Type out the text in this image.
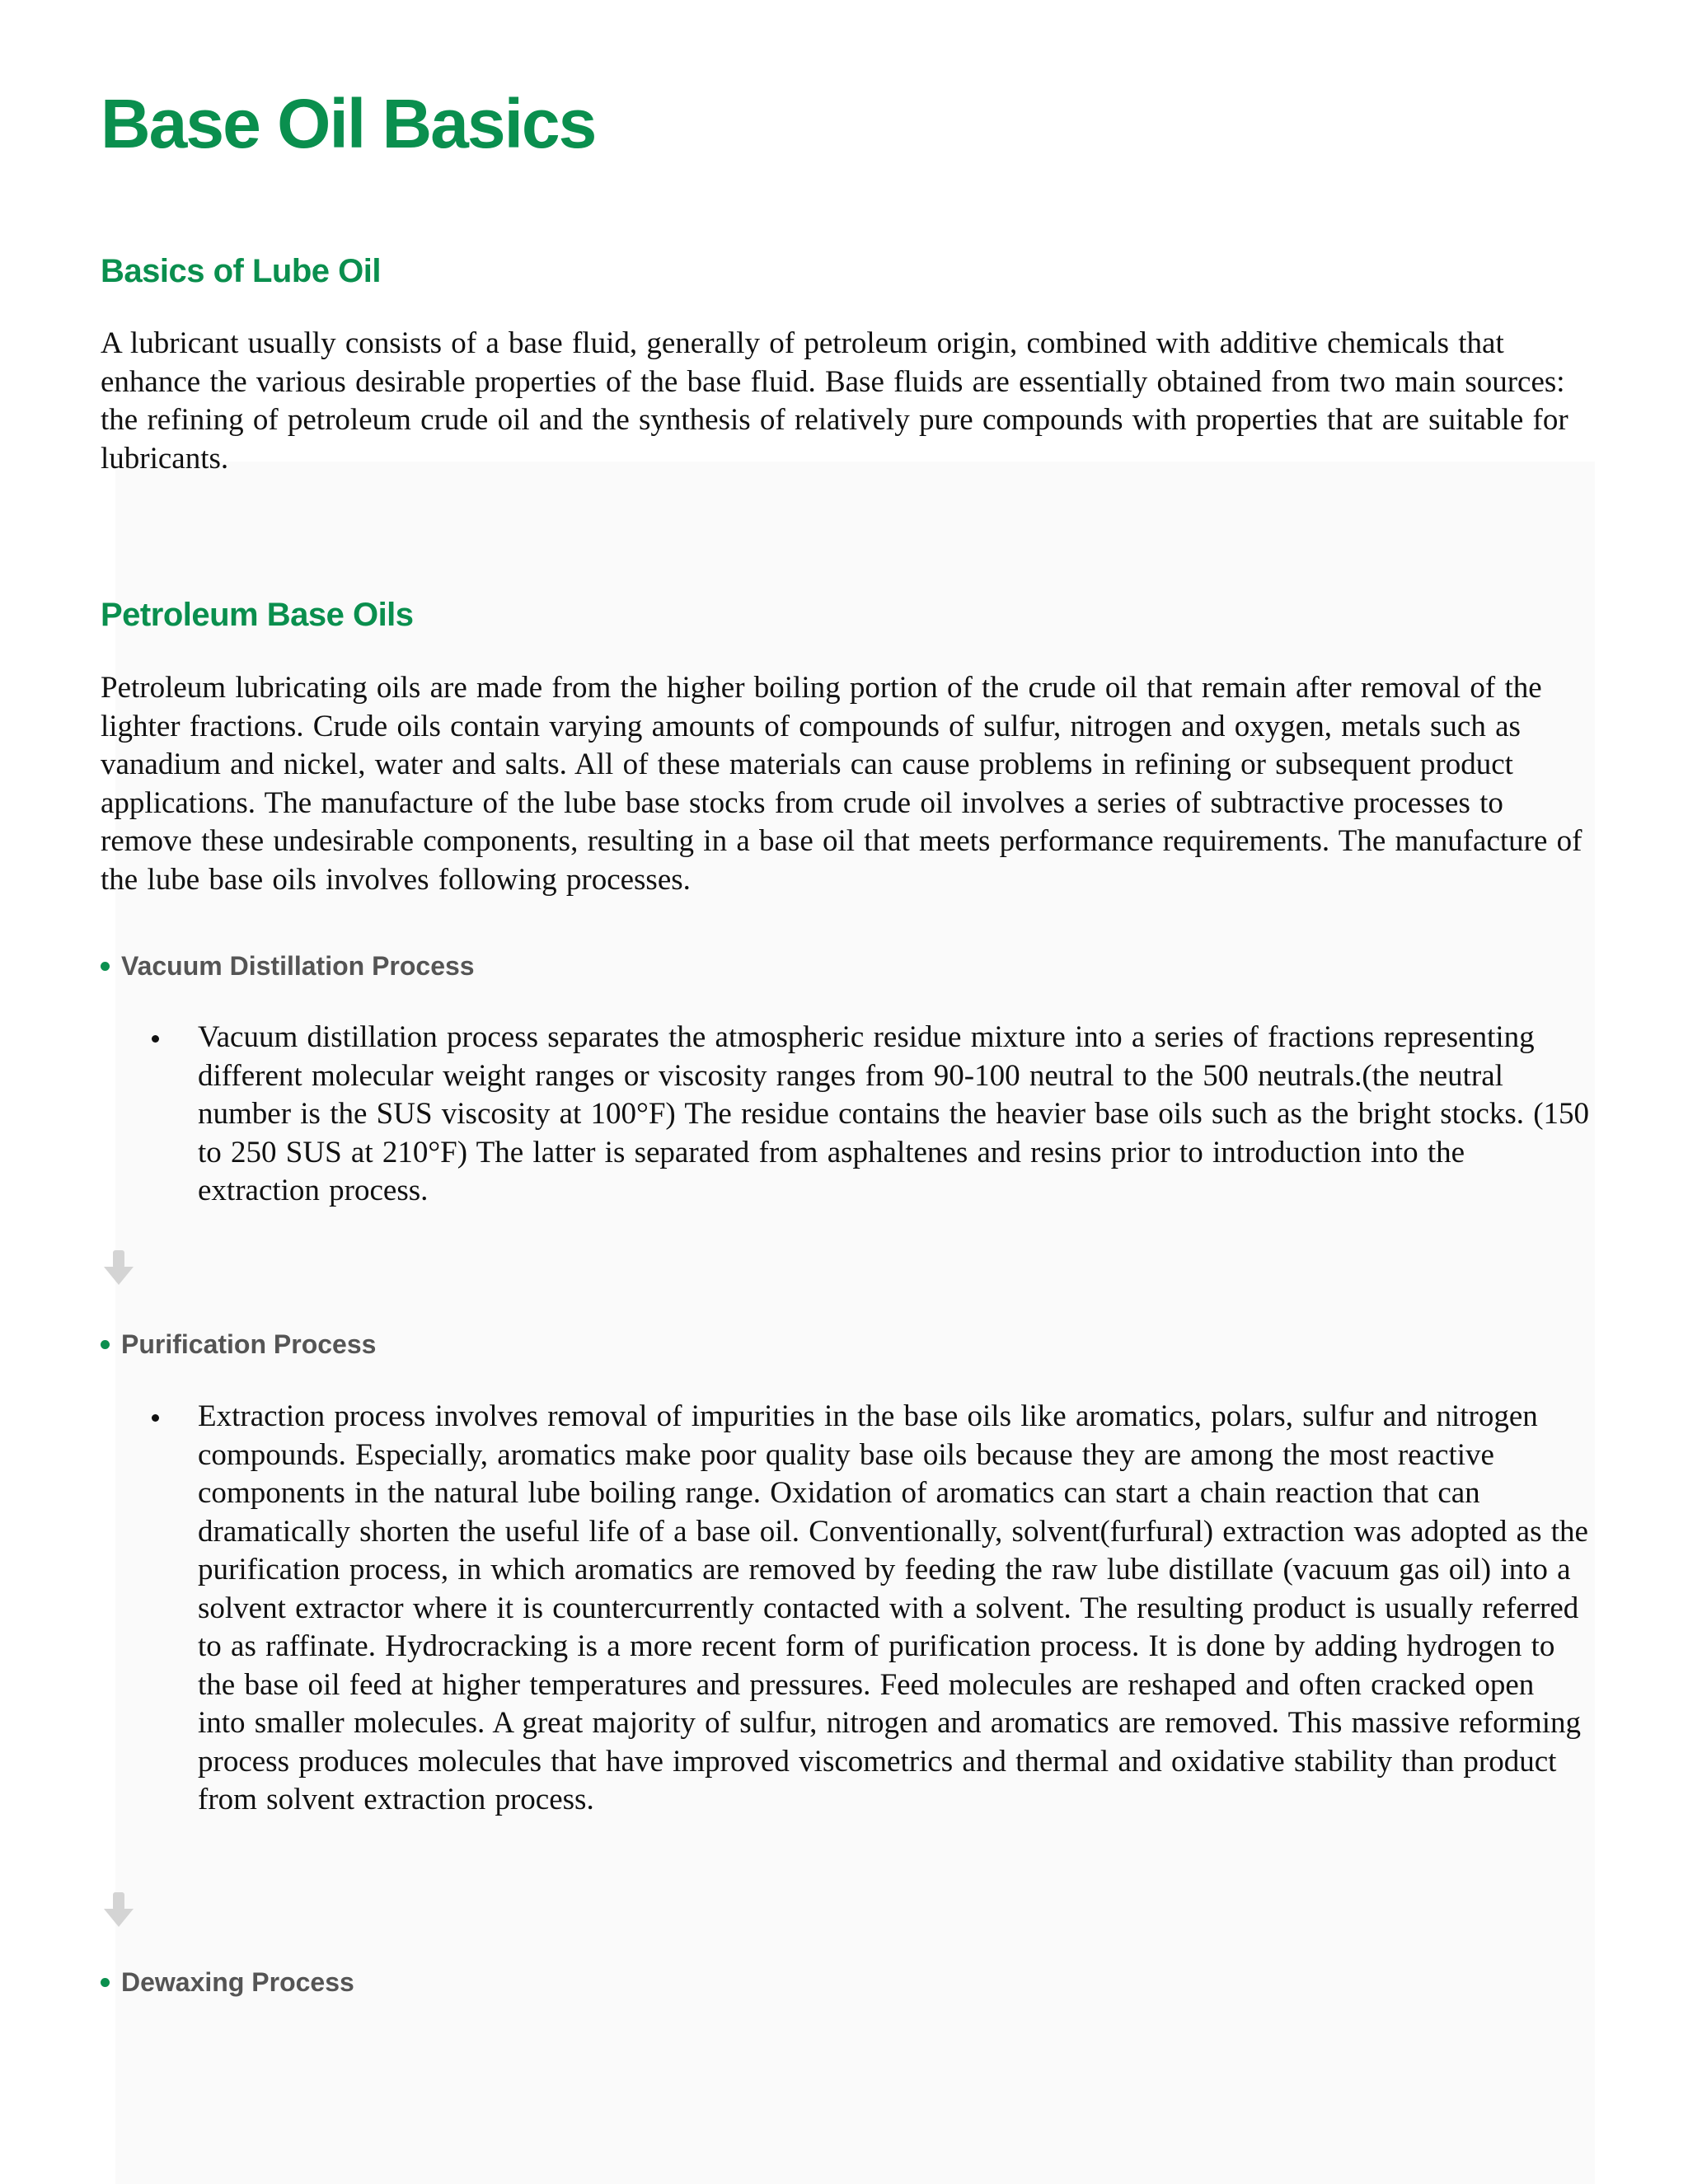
Base Oil Basics
Basics of Lube Oil

A lubricant usually consists of a base fluid, generally of petroleum origin, combined with additive chemicals that enhance the various desirable properties of the base fluid. Base fluids are essentially obtained from two main sources: the refining of petroleum crude oil and the synthesis of relatively pure compounds with properties that are suitable for lubricants.

Petroleum Base Oils

Petroleum lubricating oils are made from the higher boiling portion of the crude oil that remain after removal of the lighter fractions. Crude oils contain varying amounts of compounds of sulfur, nitrogen and oxygen, metals such as vanadium and nickel, water and salts. All of these materials can cause problems in refining or subsequent product applications. The manufacture of the lube base stocks from crude oil involves a series of subtractive processes to remove these undesirable components, resulting in a base oil that meets performance requirements. The manufacture of the lube base oils involves following processes.

Vacuum Distillation Process
Vacuum distillation process separates the atmospheric residue mixture into a series of fractions representing different molecular weight ranges or viscosity ranges from 90-100 neutral to the 500 neutrals.(the neutral number is the SUS viscosity at 100°F) The residue contains the heavier base oils such as the bright stocks. (150 to 250 SUS at 210°F) The latter is separated from asphaltenes and resins prior to introduction into the extraction process.
Purification Process
Extraction process involves removal of impurities in the base oils like aromatics, polars, sulfur and nitrogen compounds. Especially, aromatics make poor quality base oils because they are among the most reactive components in the natural lube boiling range. Oxidation of aromatics can start a chain reaction that can dramatically shorten the useful life of a base oil. Conventionally, solvent(furfural) extraction was adopted as the purification process, in which aromatics are removed by feeding the raw lube distillate (vacuum gas oil) into a solvent extractor where it is countercurrently contacted with a solvent. The resulting product is usually referred to as raffinate. Hydrocracking is a more recent form of purification process. It is done by adding hydrogen to the base oil feed at higher temperatures and pressures. Feed molecules are reshaped and often cracked open into smaller molecules. A great majority of sulfur, nitrogen and aromatics are removed. This massive reforming process produces molecules that have improved viscometrics and thermal and oxidative stability than product from solvent extraction process.
Dewaxing Process
